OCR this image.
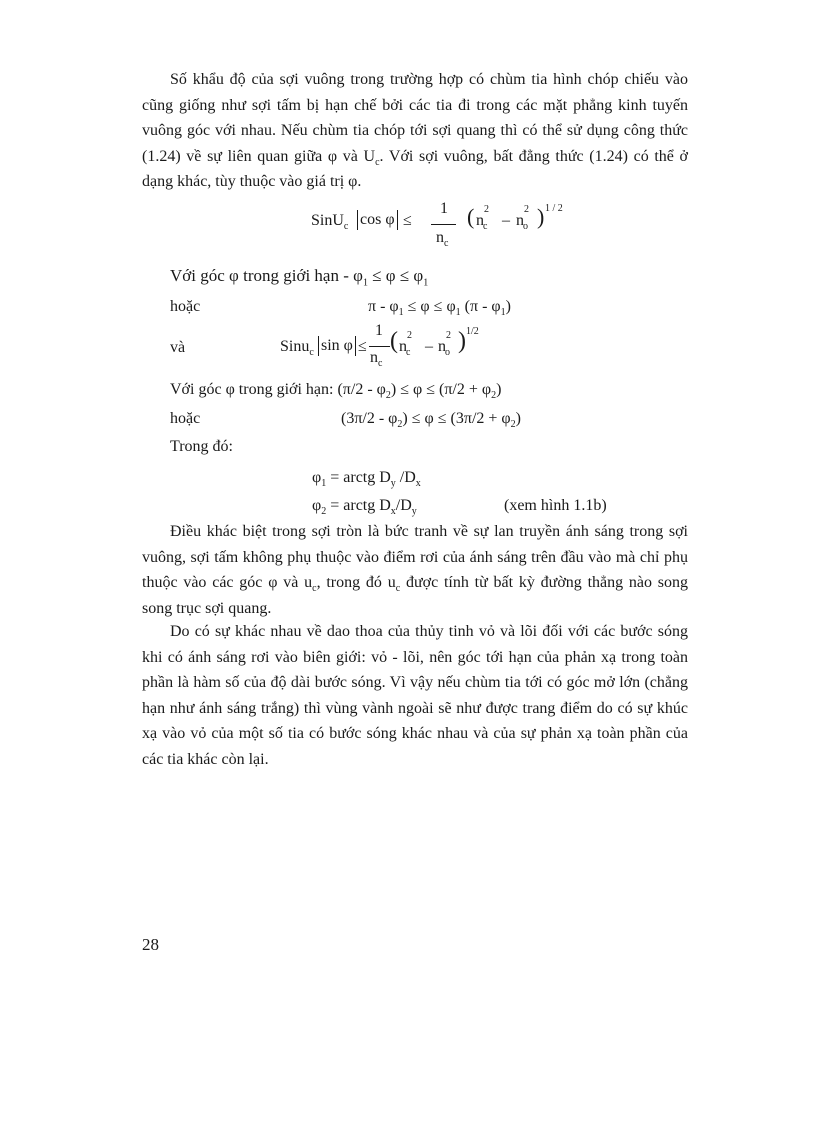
Số khẩu độ của sợi vuông trong trường hợp có chùm tia hình chóp chiếu vào cũng giống như sợi tấm bị hạn chế bởi các tia đi trong các mặt phẳng kinh tuyến vuông góc với nhau. Nếu chùm tia chóp tới sợi quang thì có thể sử dụng công thức (1.24) về sự liên quan giữa φ và $U_c$. Với sợi vuông, bất đẳng thức (1.24) có thể ở dạng khác, tùy thuộc vào giá trị φ.

SinU$_c$ cos φ ≤
1
$n_c$
( $n^2_c - n^2_o$ ) 1 / 2
Với góc φ trong giới hạn - $\varphi_1 \le \varphi \le \varphi_1$
hoặc	$\pi - \varphi_1 \le \varphi \le \varphi_1$ $(\pi - \varphi_1)$
và	Sinu$_c$ sin φ ≤
1
$n_c$
( $n^2_c - n^2_o$ ) 1/2
Với góc φ trong giới hạn: $(\pi/2 - \varphi_2) \le \varphi \le (\pi/2 + \varphi_2)$
hoặc	$(3\pi/2 - \varphi_2) \le \varphi \le (3\pi/2 + \varphi_2)$
Trong đó:
$\varphi_1$ = arctg $D_y$ $/D_x$
$\varphi_2$ = arctg $D_x/D_y$	(xem hình 1.1b)

Điều khác biệt trong sợi tròn là bức tranh về sự lan truyền ánh sáng trong sợi vuông, sợi tấm không phụ thuộc vào điểm rơi của ánh sáng trên đầu vào mà chỉ phụ thuộc vào các góc φ và $u_c$, trong đó $u_c$ được tính từ bất kỳ đường thẳng nào song song trục sợi quang.

Do có sự khác nhau về dao thoa của thủy tinh vỏ và lõi đối với các bước sóng khi có ánh sáng rơi vào biên giới: vỏ - lõi, nên góc tới hạn của phản xạ trong toàn phần là hàm số của độ dài bước sóng. Vì vậy nếu chùm tia tới có góc mở lớn (chẳng hạn như ánh sáng trắng) thì vùng vành ngoài sẽ như được trang điểm do có sự khúc xạ vào vỏ của một số tia có bước sóng khác nhau và của sự phản xạ toàn phần của các tia khác còn lại.

28
